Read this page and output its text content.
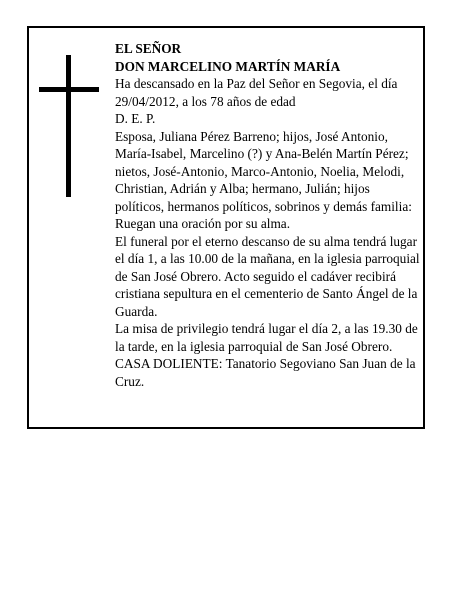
EL SEÑOR

DON MARCELINO MARTÍN MARÍA

Ha descansado en la Paz del Señor en Segovia, el día 29/04/2012, a los 78 años de edad

D. E. P.

Esposa, Juliana Pérez Barreno; hijos, José Antonio, María-Isabel, Marcelino (?) y Ana-Belén Martín Pérez; nietos, José-Antonio, Marco-Antonio, Noelia, Melodi, Christian, Adrián y Alba; hermano, Julián; hijos políticos, hermanos políticos, sobrinos y demás familia:

Ruegan una oración por su alma.

El funeral por el eterno descanso de su alma tendrá lugar el día 1, a las 10.00 de la mañana, en la iglesia parroquial de San José Obrero. Acto seguido el cadáver recibirá cristiana sepultura en el cementerio de Santo Ángel de la Guarda.

La misa de privilegio tendrá lugar el día 2, a las 19.30 de la tarde, en la iglesia parroquial de San José Obrero.

CASA DOLIENTE: Tanatorio Segoviano San Juan de la Cruz.
